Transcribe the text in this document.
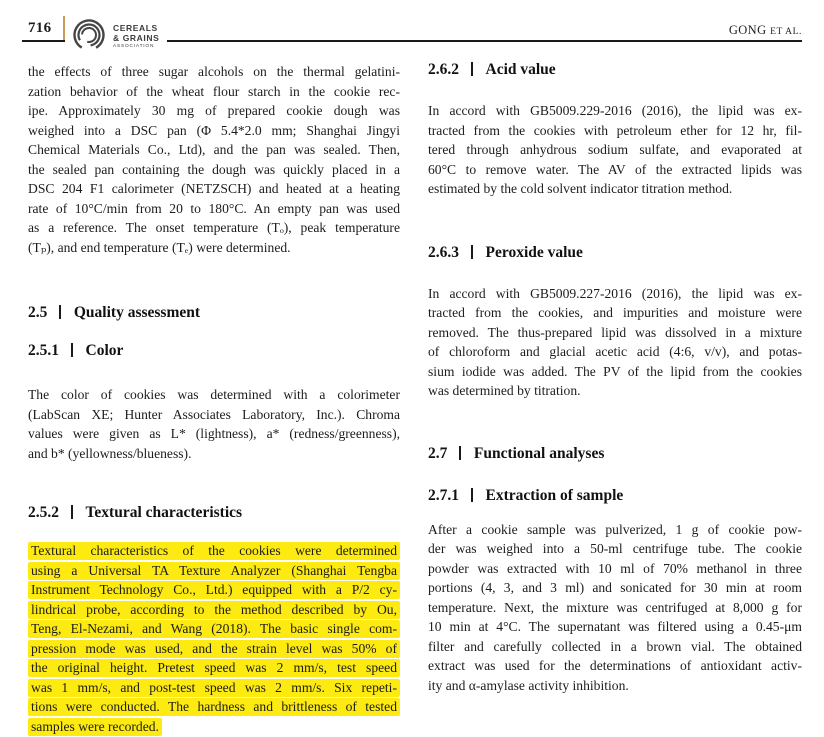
716	CEREALS
& GRAINS
ASSOCIATION
GONG ET AL.
the effects of three sugar alcohols on the thermal gelatini-
zation behavior of the wheat flour starch in the cookie rec-
ipe. Approximately 30 mg of prepared cookie dough was
weighed into a DSC pan (Φ 5.4*2.0 mm; Shanghai Jingyi
Chemical Materials Co., Ltd), and the pan was sealed. Then,
the sealed pan containing the dough was quickly placed in a
DSC 204 F1 calorimeter (NETZSCH) and heated at a heating
rate of 10°C/min from 20 to 180°C. An empty pan was used
as a reference. The onset temperature (Tₒ), peak temperature
(Tₚ), and end temperature (Tₑ) were determined.
2.5 Quality assessment
2.5.1 Color
The color of cookies was determined with a colorimeter
(LabScan XE; Hunter Associates Laboratory, Inc.). Chroma
values were given as L* (lightness), a* (redness/greenness),
and b* (yellowness/blueness).
2.5.2 Textural characteristics
Textural characteristics of the cookies were determined
using a Universal TA Texture Analyzer (Shanghai Tengba
Instrument Technology Co., Ltd.) equipped with a P/2 cy-
lindrical probe, according to the method described by Ou,
Teng, El-Nezami, and Wang (2018). The basic single com-
pression mode was used, and the strain level was 50% of
the original height. Pretest speed was 2 mm/s, test speed
was 1 mm/s, and post-test speed was 2 mm/s. Six repeti-
tions were conducted. The hardness and brittleness of tested
samples were recorded.
2.6.2 Acid value
In accord with GB5009.229-2016 (2016), the lipid was ex-
tracted from the cookies with petroleum ether for 12 hr, fil-
tered through anhydrous sodium sulfate, and evaporated at
60°C to remove water. The AV of the extracted lipids was
estimated by the cold solvent indicator titration method.
2.6.3 Peroxide value
In accord with GB5009.227-2016 (2016), the lipid was ex-
tracted from the cookies, and impurities and moisture were
removed. The thus-prepared lipid was dissolved in a mixture
of chloroform and glacial acetic acid (4:6, v/v), and potas-
sium iodide was added. The PV of the lipid from the cookies
was determined by titration.
2.7 Functional analyses
2.7.1 Extraction of sample
After a cookie sample was pulverized, 1 g of cookie pow-
der was weighed into a 50-ml centrifuge tube. The cookie
powder was extracted with 10 ml of 70% methanol in three
portions (4, 3, and 3 ml) and sonicated for 30 min at room
temperature. Next, the mixture was centrifuged at 8,000 g for
10 min at 4°C. The supernatant was filtered using a 0.45-μm
filter and carefully collected in a brown vial. The obtained
extract was used for the determinations of antioxidant activ-
ity and α-amylase activity inhibition.
